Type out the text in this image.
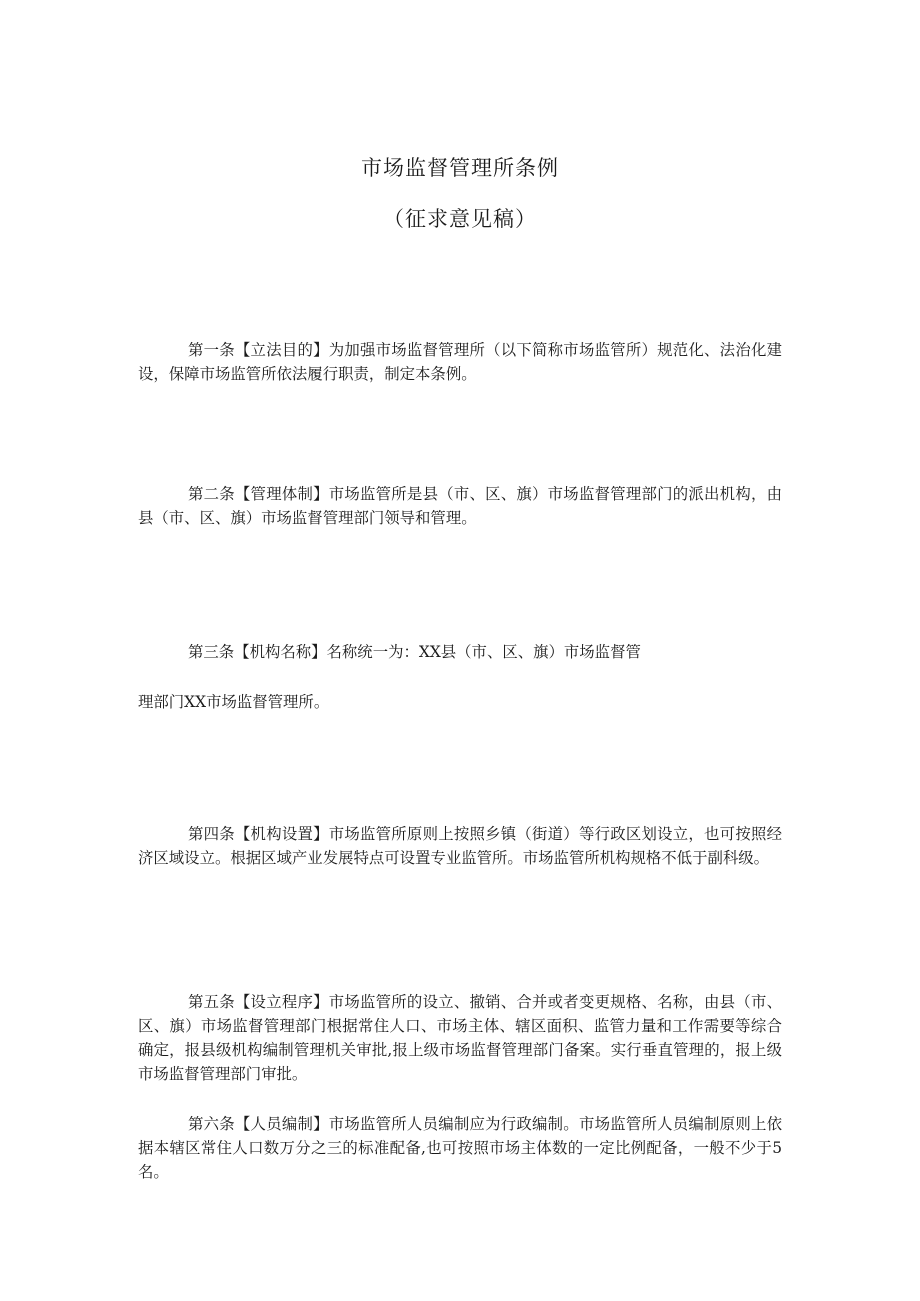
市场监督管理所条例
（征求意见稿）

第一条【立法目的】为加强市场监督管理所（以下简称市场监管所）规范化、法治化建设，保障市场监管所依法履行职责，制定本条例。

第二条【管理体制】市场监管所是县（市、区、旗）市场监督管理部门的派出机构，由县（市、区、旗）市场监督管理部门领导和管理。

第三条【机构名称】名称统一为：XX县（市、区、旗）市场监督管

理部门XX市场监督管理所。

第四条【机构设置】市场监管所原则上按照乡镇（街道）等行政区划设立，也可按照经济区域设立。根据区域产业发展特点可设置专业监管所。市场监管所机构规格不低于副科级。

第五条【设立程序】市场监管所的设立、撤销、合并或者变更规格、名称，由县（市、区、旗）市场监督管理部门根据常住人口、市场主体、辖区面积、监管力量和工作需要等综合确定，报县级机构编制管理机关审批,报上级市场监督管理部门备案。实行垂直管理的，报上级市场监督管理部门审批。

第六条【人员编制】市场监管所人员编制应为行政编制。市场监管所人员编制原则上依据本辖区常住人口数万分之三的标准配备,也可按照市场主体数的一定比例配备，一般不少于5名。
